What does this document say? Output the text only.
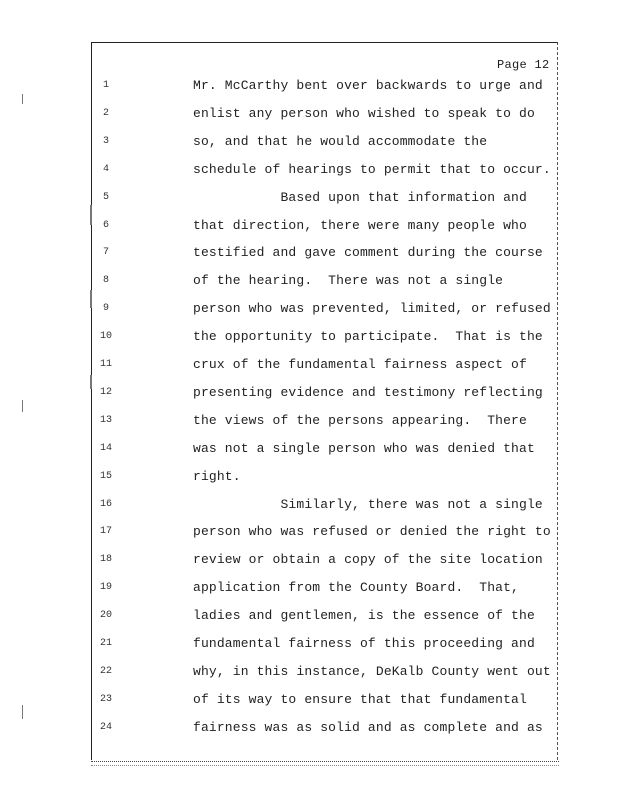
Page 12
1	Mr. McCarthy bent over backwards to urge and
2	enlist any person who wished to speak to do
3	so, and that he would accommodate the
4	schedule of hearings to permit that to occur.
5	Based upon that information and
6	that direction, there were many people who
7	testified and gave comment during the course
8	of the hearing.  There was not a single
9	person who was prevented, limited, or refused
10	the opportunity to participate.  That is the
11	crux of the fundamental fairness aspect of
12	presenting evidence and testimony reflecting
13	the views of the persons appearing.  There
14	was not a single person who was denied that
15	right.
16	Similarly, there was not a single
17	person who was refused or denied the right to
18	review or obtain a copy of the site location
19	application from the County Board.  That,
20	ladies and gentlemen, is the essence of the
21	fundamental fairness of this proceeding and
22	why, in this instance, DeKalb County went out
23	of its way to ensure that that fundamental
24	fairness was as solid and as complete and as
